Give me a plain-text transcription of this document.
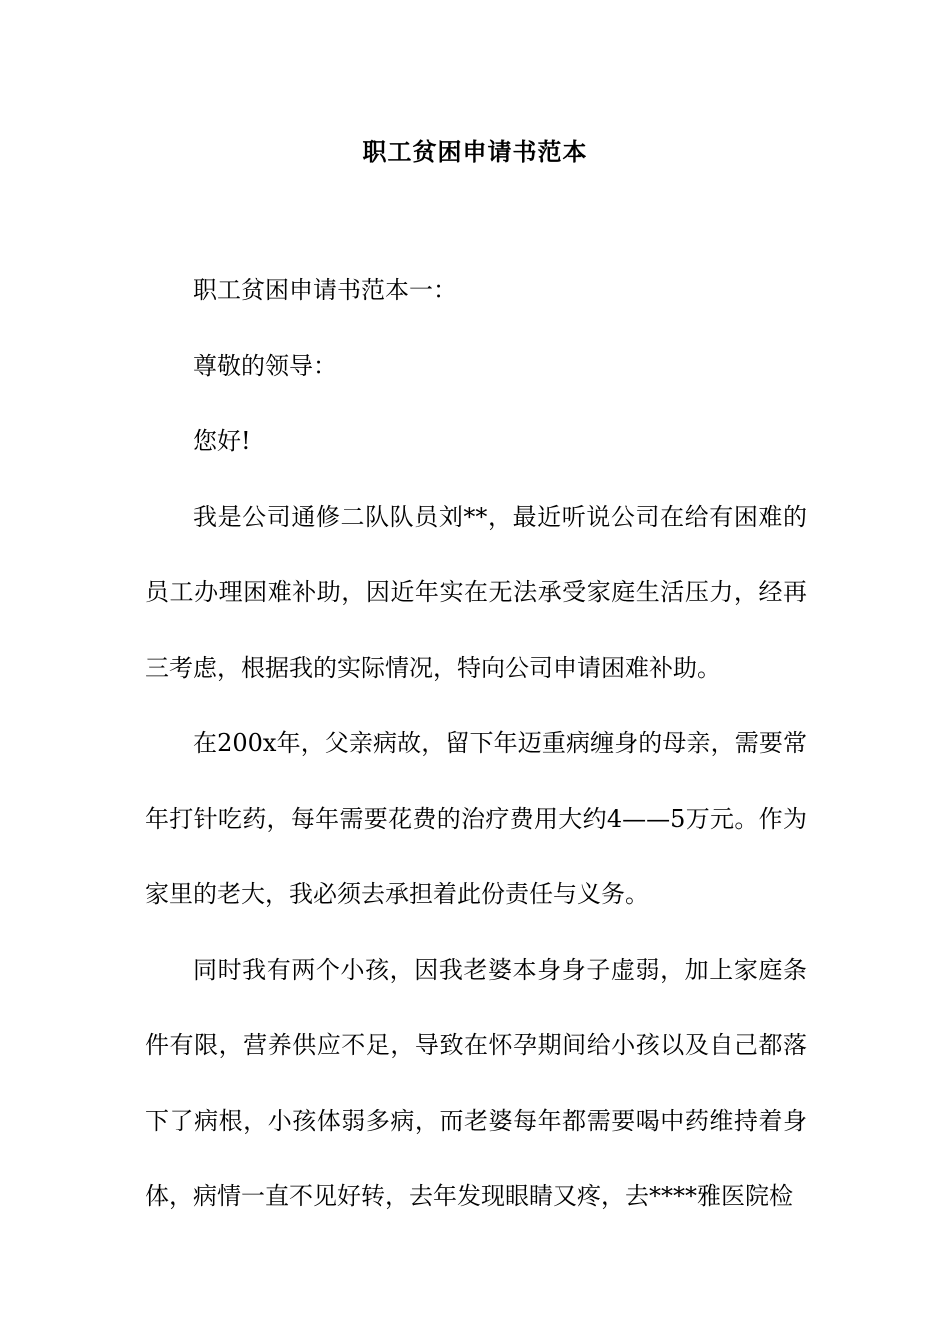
职工贫困申请书范本

职工贫困申请书范本一：

尊敬的领导：

您好!

我是公司通修二队队员刘**，最近听说公司在给有困难的员工办理困难补助，因近年实在无法承受家庭生活压力，经再三考虑，根据我的实际情况，特向公司申请困难补助。

在200x年，父亲病故，留下年迈重病缠身的母亲，需要常年打针吃药，每年需要花费的治疗费用大约4——5万元。作为家里的老大，我必须去承担着此份责任与义务。

同时我有两个小孩，因我老婆本身身子虚弱，加上家庭条件有限，营养供应不足，导致在怀孕期间给小孩以及自己都落下了病根，小孩体弱多病，而老婆每年都需要喝中药维持着身体，病情一直不见好转，去年发现眼睛又疼，去****雅医院检
